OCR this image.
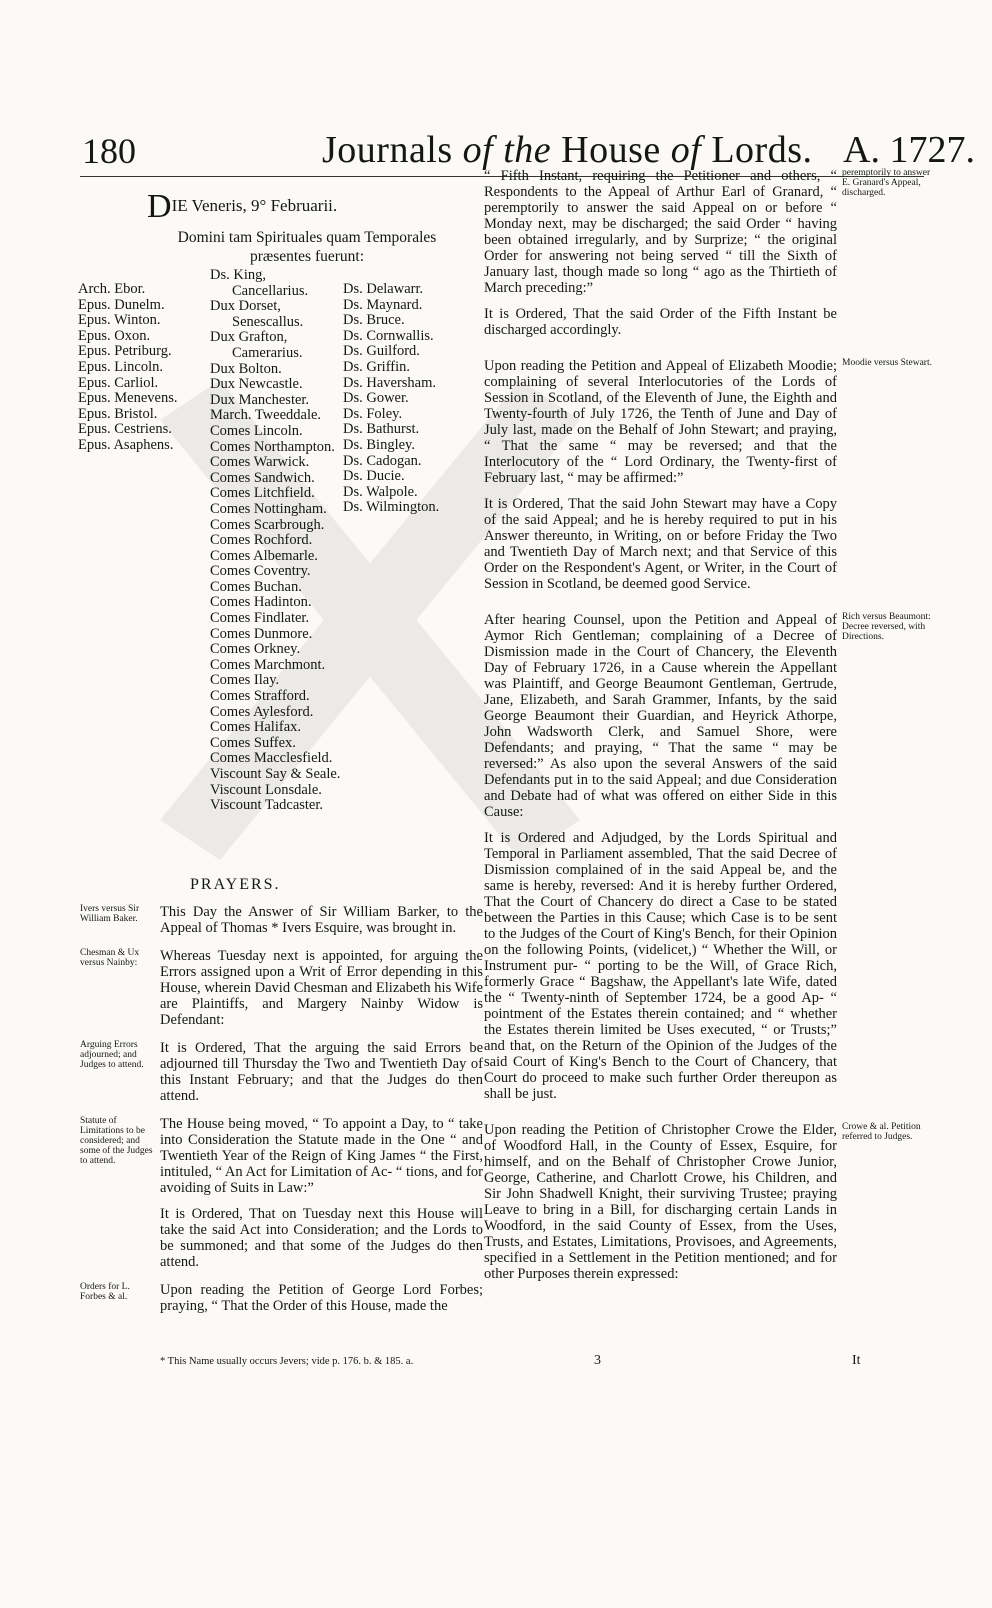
180	Journals of the House of Lords. A. 1727.
DIE Veneris, 9° Februarii.
Domini tam Spirituales quam Temporales præsentes fuerunt:
Arch. Ebor.
Epus. Dunelm.
Epus. Winton.
Epus. Oxon.
Epus. Petriburg.
Epus. Lincoln.
Epus. Carliol.
Epus. Menevens.
Epus. Bristol.
Epus. Cestriens.
Epus. Asaphens.
Ds. King,
Cancellarius.
Dux Dorset,
Senescallus.
Dux Grafton,
Camerarius.
Dux Bolton.
Dux Newcastle.
Dux Manchester.
March. Tweeddale.
Comes Lincoln.
Comes Northampton.
Comes Warwick.
Comes Sandwich.
Comes Litchfield.
Comes Nottingham.
Comes Scarbrough.
Comes Rochford.
Comes Albemarle.
Comes Coventry.
Comes Buchan.
Comes Hadinton.
Comes Findlater.
Comes Dunmore.
Comes Orkney.
Comes Marchmont.
Comes Ilay.
Comes Strafford.
Comes Aylesford.
Comes Halifax.
Comes Suffex.
Comes Macclesfield.
Viscount Say & Seale.
Viscount Lonsdale.
Viscount Tadcaster.
Ds. Delawarr.
Ds. Maynard.
Ds. Bruce.
Ds. Cornwallis.
Ds. Guilford.
Ds. Griffin.
Ds. Haversham.
Ds. Gower.
Ds. Foley.
Ds. Bathurst.
Ds. Bingley.
Ds. Cadogan.
Ds. Ducie.
Ds. Walpole.
Ds. Wilmington.
PRAYERS.

This Day the Answer of Sir William Barker, to the Appeal of Thomas * Ivers Esquire, was brought in.

Whereas Tuesday next is appointed, for arguing the Errors assigned upon a Writ of Error depending in this House, wherein David Chesman and Elizabeth his Wife are Plaintiffs, and Margery Nainby Widow is Defendant:

It is Ordered, That the arguing the said Errors be adjourned till Thursday the Two and Twentieth Day of this Instant February; and that the Judges do then attend.

The House being moved, “ To appoint a Day, to “ take into Consideration the Statute made in the One “ and Twentieth Year of the Reign of King James “ the First, intituled, “ An Act for Limitation of Ac- “ tions, and for avoiding of Suits in Law:”

It is Ordered, That on Tuesday next this House will take the said Act into Consideration; and the Lords to be summoned; and that some of the Judges do then attend.

Upon reading the Petition of George Lord Forbes; praying, “ That the Order of this House, made the

Ivers versus Sir William Baker.
Chesman & Ux versus Nainby:
Arguing Errors adjourned; and Judges to attend.
Statute of Limitations to be considered; and some of the Judges to attend.
Orders for L. Forbes & al.

“ Fifth Instant, requiring the Petitioner and others, “ Respondents to the Appeal of Arthur Earl of Granard, “ peremptorily to answer the said Appeal on or before “ Monday next, may be discharged; the said Order “ having been obtained irregularly, and by Surprize; “ the original Order for answering not being served “ till the Sixth of January last, though made so long “ ago as the Thirtieth of March preceding:”

It is Ordered, That the said Order of the Fifth Instant be discharged accordingly.

Upon reading the Petition and Appeal of Elizabeth Moodie; complaining of several Interlocutories of the Lords of Session in Scotland, of the Eleventh of June, the Eighth and Twenty-fourth of July 1726, the Tenth of June and Day of July last, made on the Behalf of John Stewart; and praying, “ That the same “ may be reversed; and that the Interlocutory of the “ Lord Ordinary, the Twenty-first of February last, “ may be affirmed:”

It is Ordered, That the said John Stewart may have a Copy of the said Appeal; and he is hereby required to put in his Answer thereunto, in Writing, on or before Friday the Two and Twentieth Day of March next; and that Service of this Order on the Respondent's Agent, or Writer, in the Court of Session in Scotland, be deemed good Service.

After hearing Counsel, upon the Petition and Appeal of Aymor Rich Gentleman; complaining of a Decree of Dismission made in the Court of Chancery, the Eleventh Day of February 1726, in a Cause wherein the Appellant was Plaintiff, and George Beaumont Gentleman, Gertrude, Jane, Elizabeth, and Sarah Grammer, Infants, by the said George Beaumont their Guardian, and Heyrick Athorpe, John Wadsworth Clerk, and Samuel Shore, were Defendants; and praying, “ That the same “ may be reversed:” As also upon the several Answers of the said Defendants put in to the said Appeal; and due Consideration and Debate had of what was offered on either Side in this Cause:

It is Ordered and Adjudged, by the Lords Spiritual and Temporal in Parliament assembled, That the said Decree of Dismission complained of in the said Appeal be, and the same is hereby, reversed: And it is hereby further Ordered, That the Court of Chancery do direct a Case to be stated between the Parties in this Cause; which Case is to be sent to the Judges of the Court of King's Bench, for their Opinion on the following Points, (videlicet,) “ Whether the Will, or Instrument pur- “ porting to be the Will, of Grace Rich, formerly Grace “ Bagshaw, the Appellant's late Wife, dated the “ Twenty-ninth of September 1724, be a good Ap- “ pointment of the Estates therein contained; and “ whether the Estates therein limited be Uses executed, “ or Trusts;” and that, on the Return of the Opinion of the Judges of the said Court of King's Bench to the Court of Chancery, that Court do proceed to make such further Order thereupon as shall be just.

Upon reading the Petition of Christopher Crowe the Elder, of Woodford Hall, in the County of Essex, Esquire, for himself, and on the Behalf of Christopher Crowe Junior, George, Catherine, and Charlott Crowe, his Children, and Sir John Shadwell Knight, their surviving Trustee; praying Leave to bring in a Bill, for discharging certain Lands in Woodford, in the said County of Essex, from the Uses, Trusts, and Estates, Limitations, Provisoes, and Agreements, specified in a Settlement in the Petition mentioned; and for other Purposes therein expressed:

peremptorily to answer E. Granard's Appeal, discharged.
Moodie versus Stewart.
Rich versus Beaumont: Decree reversed, with Directions.
Crowe & al. Petition referred to Judges.
* This Name usually occurs Jevers; vide p. 176. b. & 185. a.	3	It
